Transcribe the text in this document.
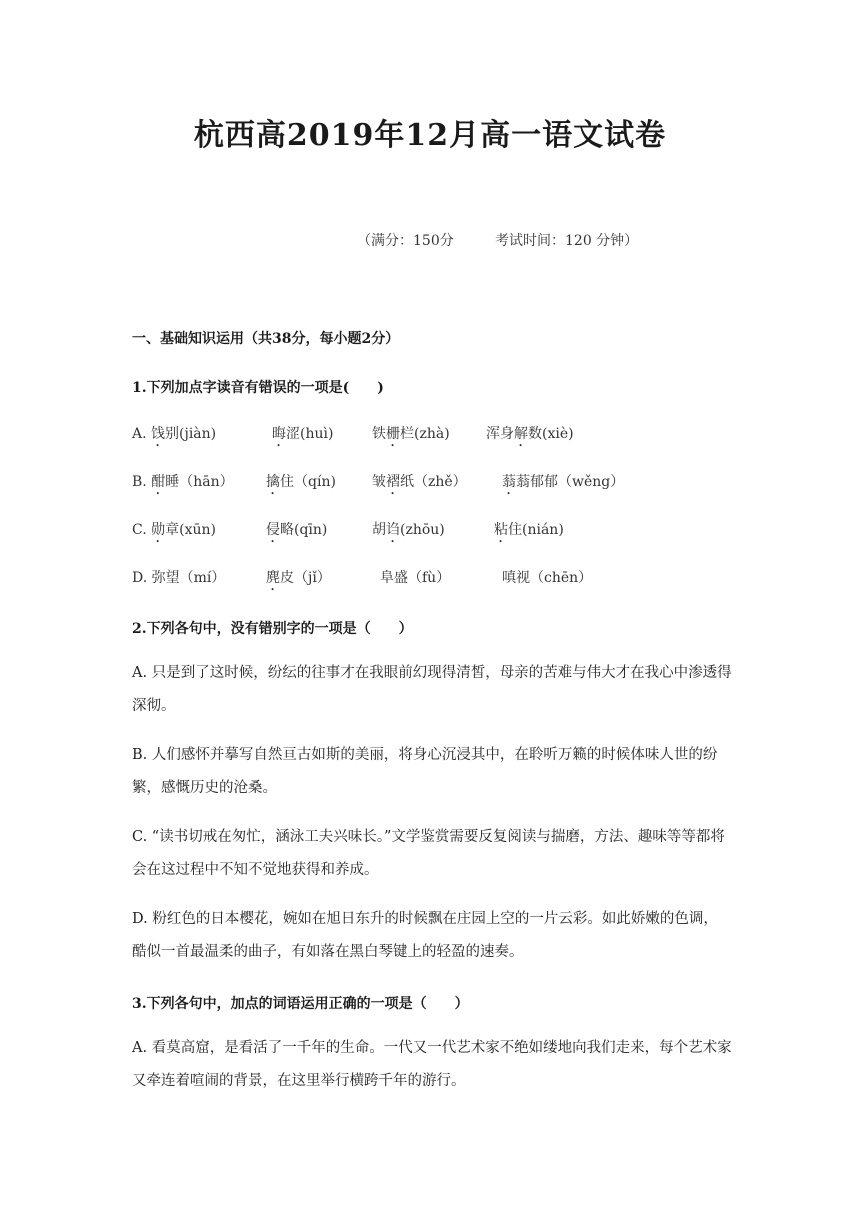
杭西高2019年12月高一语文试卷
（满分：150分	考试时间：120 分钟）
一、基础知识运用（共38分，每小题2分）
1.下列加点字读音有错误的一项是(　　)
A. 饯别(jiàn)	晦涩(huì)	铁栅栏(zhà)	浑身解数(xiè)
B. 酣睡（hān） 擒住（qín)	皱褶纸（zhě）	蓊蓊郁郁（wěng）
C. 勋章(xūn)	侵略(qīn)	胡诌(zhōu)	粘住(nián)
D. 弥望（mí）	麂皮（jǐ）	阜盛（fù）	嗔视（chēn）
2.下列各句中，没有错别字的一项是（　　）
A. 只是到了这时候，纷纭的往事才在我眼前幻现得清皙，母亲的苦难与伟大才在我心中渗透得深彻。
B. 人们感怀并摹写自然亘古如斯的美丽，将身心沉浸其中，在聆听万籁的时候体味人世的纷繁，感慨历史的沧桑。
C. “读书切戒在匆忙，涵泳工夫兴味长。”文学鉴赏需要反复阅读与揣磨，方法、趣味等等都将会在这过程中不知不觉地获得和养成。
D. 粉红色的日本樱花，婉如在旭日东升的时候飘在庄园上空的一片云彩。如此娇嫩的色调，酷似一首最温柔的曲子，有如落在黑白琴键上的轻盈的速奏。
3.下列各句中，加点的词语运用正确的一项是（　　）
A. 看莫高窟，是看活了一千年的生命。一代又一代艺术家不绝如缕地向我们走来，每个艺术家又牵连着喧闹的背景，在这里举行横跨千年的游行。
